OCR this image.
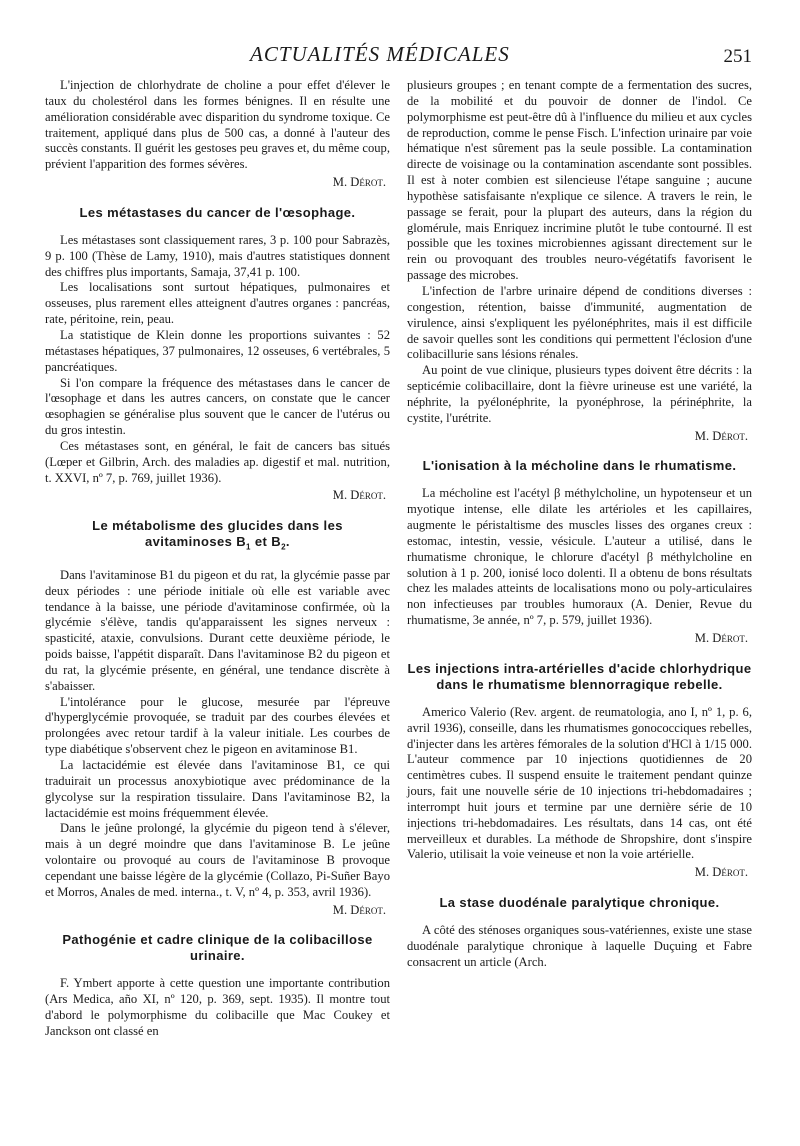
ACTUALITÉS MÉDICALES	251

L'injection de chlorhydrate de choline a pour effet d'élever le taux du cholestérol dans les formes bénignes. Il en résulte une amélioration considérable avec disparition du syndrome toxique. Ce traitement, appliqué dans plus de 500 cas, a donné à l'auteur des succès constants. Il guérit les gestoses peu graves et, du même coup, prévient l'apparition des formes sévères.

M. Dérot.
Les métastases du cancer de l'œsophage.

Les métastases sont classiquement rares, 3 p. 100 pour Sabrazès, 9 p. 100 (Thèse de Lamy, 1910), mais d'autres statistiques donnent des chiffres plus importants, Samaja, 37,41 p. 100.

Les localisations sont surtout hépatiques, pulmonaires et osseuses, plus rarement elles atteignent d'autres organes : pancréas, rate, péritoine, rein, peau.

La statistique de Klein donne les proportions suivantes : 52 métastases hépatiques, 37 pulmonaires, 12 osseuses, 6 vertébrales, 5 pancréatiques.

Si l'on compare la fréquence des métastases dans le cancer de l'œsophage et dans les autres cancers, on constate que le cancer œsophagien se généralise plus souvent que le cancer de l'utérus ou du gros intestin.

Ces métastases sont, en général, le fait de cancers bas situés (Lœper et Gilbrin, Arch. des maladies ap. digestif et mal. nutrition, t. XXVI, nº 7, p. 769, juillet 1936).

M. Dérot.
Le métabolisme des glucides dans les
avitaminoses $B_1$ et $B_2$.

Dans l'avitaminose B1 du pigeon et du rat, la glycémie passe par deux périodes : une période initiale où elle est variable avec tendance à la baisse, une période d'avitaminose confirmée, où la glycémie s'élève, tandis qu'apparaissent les signes nerveux : spasticité, ataxie, convulsions. Durant cette deuxième période, le poids baisse, l'appétit disparaît. Dans l'avitaminose B2 du pigeon et du rat, la glycémie présente, en général, une tendance discrète à s'abaisser.

L'intolérance pour le glucose, mesurée par l'épreuve d'hyperglycémie provoquée, se traduit par des courbes élevées et prolongées avec retour tardif à la valeur initiale. Les courbes de type diabétique s'observent chez le pigeon en avitaminose B1.

La lactacidémie est élevée dans l'avitaminose B1, ce qui traduirait un processus anoxybiotique avec prédominance de la glycolyse sur la respiration tissulaire. Dans l'avitaminose B2, la lactacidémie est moins fréquemment élevée.

Dans le jeûne prolongé, la glycémie du pigeon tend à s'élever, mais à un degré moindre que dans l'avitaminose B. Le jeûne volontaire ou provoqué au cours de l'avitaminose B provoque cependant une baisse légère de la glycémie (Collazo, Pi-Suñer Bayo et Morros, Anales de med. interna., t. V, nº 4, p. 353, avril 1936).

M. Dérot.
Pathogénie et cadre clinique de la colibacillose urinaire.

F. Ymbert apporte à cette question une importante contribution (Ars Medica, año XI, nº 120, p. 369, sept. 1935). Il montre tout d'abord le polymorphisme du colibacille que Mac Coukey et Janckson ont classé en

plusieurs groupes ; en tenant compte de a fermentation des sucres, de la mobilité et du pouvoir de donner de l'indol. Ce polymorphisme est peut-être dû à l'influence du milieu et aux cycles de reproduction, comme le pense Fisch. L'infection urinaire par voie hématique n'est sûrement pas la seule possible. La contamination directe de voisinage ou la contamination ascendante sont possibles. Il est à noter combien est silencieuse l'étape sanguine ; aucune hypothèse satisfaisante n'explique ce silence. A travers le rein, le passage se ferait, pour la plupart des auteurs, dans la région du glomérule, mais Enriquez incrimine plutôt le tube contourné. Il est possible que les toxines microbiennes agissant directement sur le rein ou provoquant des troubles neuro-végétatifs favorisent le passage des microbes.

L'infection de l'arbre urinaire dépend de conditions diverses : congestion, rétention, baisse d'immunité, augmentation de virulence, ainsi s'expliquent les pyélonéphrites, mais il est difficile de savoir quelles sont les conditions qui permettent l'éclosion d'une colibacillurie sans lésions rénales.

Au point de vue clinique, plusieurs types doivent être décrits : la septicémie colibacillaire, dont la fièvre urineuse est une variété, la néphrite, la pyélonéphrite, la pyonéphrose, la périnéphrite, la cystite, l'urétrite.

M. Dérot.
L'ionisation à la mécholine dans le rhumatisme.

La mécholine est l'acétyl β méthylcholine, un hypotenseur et un myotique intense, elle dilate les artérioles et les capillaires, augmente le péristaltisme des muscles lisses des organes creux : estomac, intestin, vessie, vésicule. L'auteur a utilisé, dans le rhumatisme chronique, le chlorure d'acétyl β méthylcholine en solution à 1 p. 200, ionisé loco dolenti. Il a obtenu de bons résultats chez les malades atteints de localisations mono ou poly-articulaires non infectieuses par troubles humoraux (A. Denier, Revue du rhumatisme, 3e année, nº 7, p. 579, juillet 1936).

M. Dérot.
Les injections intra-artérielles d'acide chlorhydrique dans le rhumatisme blennorragique rebelle.

Americo Valerio (Rev. argent. de reumatologia, ano I, nº 1, p. 6, avril 1936), conseille, dans les rhumatismes gonococciques rebelles, d'injecter dans les artères fémorales de la solution d'HCl à 1/15 000. L'auteur commence par 10 injections quotidiennes de 20 centimètres cubes. Il suspend ensuite le traitement pendant quinze jours, fait une nouvelle série de 10 injections tri-hebdomadaires ; interrompt huit jours et termine par une dernière série de 10 injections tri-hebdomadaires. Les résultats, dans 14 cas, ont été merveilleux et durables. La méthode de Shropshire, dont s'inspire Valerio, utilisait la voie veineuse et non la voie artérielle.

M. Dérot.
La stase duodénale paralytique chronique.

A côté des sténoses organiques sous-vatériennes, existe une stase duodénale paralytique chronique à laquelle Duçuing et Fabre consacrent un article (Arch.
